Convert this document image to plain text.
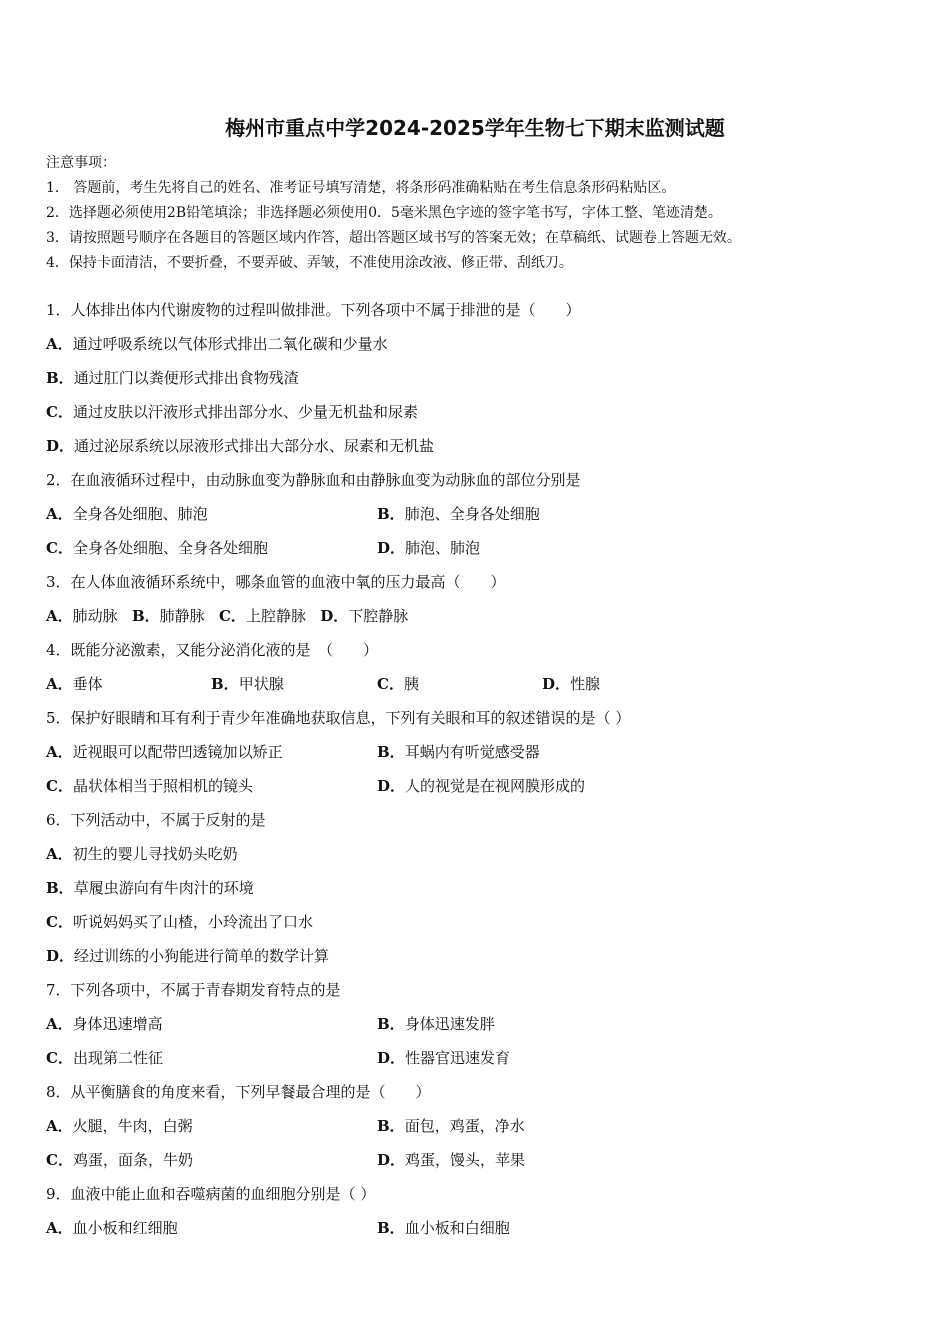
梅州市重点中学2024-2025学年生物七下期末监测试题
注意事项：
1． 答题前，考生先将自己的姓名、准考证号填写清楚，将条形码准确粘贴在考生信息条形码粘贴区。
2．选择题必须使用2B铅笔填涂；非选择题必须使用0．5毫米黑色字迹的签字笔书写，字体工整、笔迹清楚。
3．请按照题号顺序在各题目的答题区域内作答，超出答题区域书写的答案无效；在草稿纸、试题卷上答题无效。
4．保持卡面清洁，不要折叠，不要弄破、弄皱，不准使用涂改液、修正带、刮纸刀。
1．人体排出体内代谢废物的过程叫做排泄。下列各项中不属于排泄的是（　　）
A．通过呼吸系统以气体形式排出二氧化碳和少量水
B．通过肛门以粪便形式排出食物残渣
C．通过皮肤以汗液形式排出部分水、少量无机盐和尿素
D．通过泌尿系统以尿液形式排出大部分水、尿素和无机盐
2．在血液循环过程中，由动脉血变为静脉血和由静脉血变为动脉血的部位分别是
A．全身各处细胞、肺泡	B．肺泡、全身各处细胞
C．全身各处细胞、全身各处细胞	D．肺泡、肺泡
3．在人体血液循环系统中，哪条血管的血液中氧的压力最高（　　）
A．肺动脉 B．肺静脉 C．上腔静脉 D．下腔静脉
4．既能分泌激素，又能分泌消化液的是　（　　）
A．垂体	B．甲状腺	C．胰	D．性腺
5．保护好眼睛和耳有利于青少年准确地获取信息，下列有关眼和耳的叙述错误的是（ ）
A．近视眼可以配带凹透镜加以矫正	B．耳蜗内有听觉感受器
C．晶状体相当于照相机的镜头	D．人的视觉是在视网膜形成的
6．下列活动中，不属于反射的是
A．初生的婴儿寻找奶头吃奶
B．草履虫游向有牛肉汁的环境
C．听说妈妈买了山楂，小玲流出了口水
D．经过训练的小狗能进行简单的数学计算
7．下列各项中，不属于青春期发育特点的是
A．身体迅速增高	B．身体迅速发胖
C．出现第二性征	D．性器官迅速发育
8．从平衡膳食的角度来看，下列早餐最合理的是（　　）
A．火腿，牛肉，白粥	B．面包，鸡蛋，净水
C．鸡蛋，面条，牛奶	D．鸡蛋，馒头，苹果
9．血液中能止血和吞噬病菌的血细胞分别是（ ）
A．血小板和红细胞	B．血小板和白细胞
